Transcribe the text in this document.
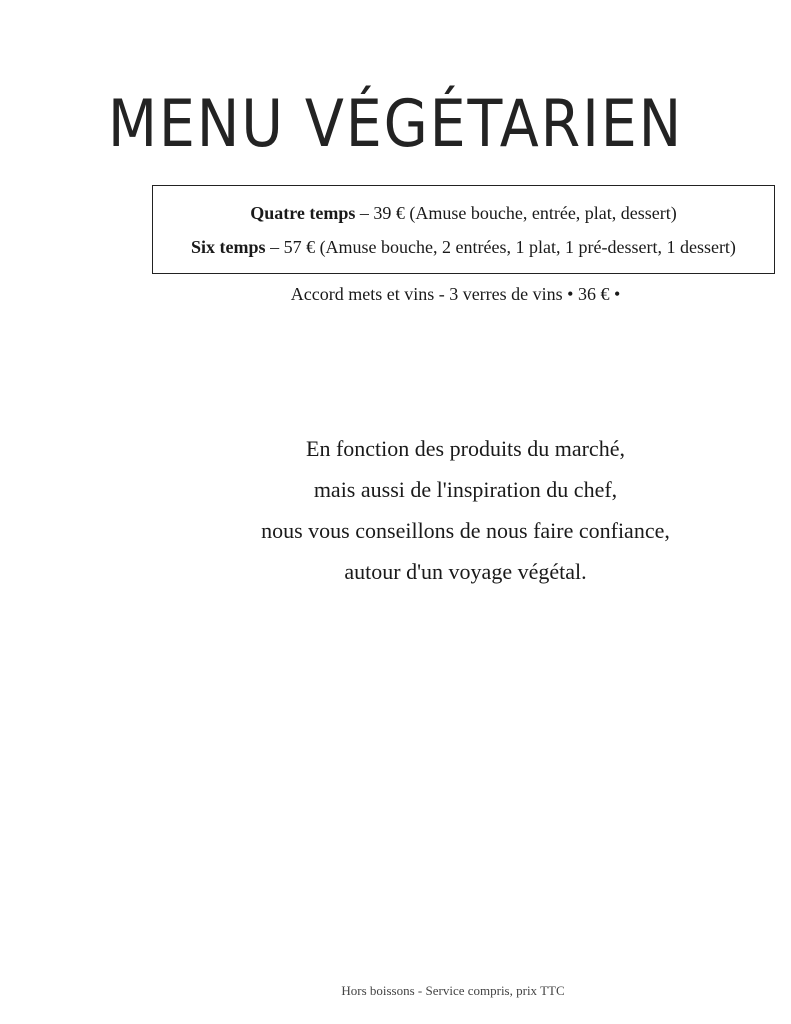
MENU VÉGÉTARIEN
Quatre temps – 39 € (Amuse bouche, entrée, plat, dessert)
Six temps – 57 € (Amuse bouche, 2 entrées, 1 plat, 1 pré-dessert, 1 dessert)
Accord mets et vins - 3 verres de vins • 36 € •
En fonction des produits du marché,
mais aussi de l'inspiration du chef,
nous vous conseillons de nous faire confiance,
autour d'un voyage végétal.
Hors boissons - Service compris, prix TTC
